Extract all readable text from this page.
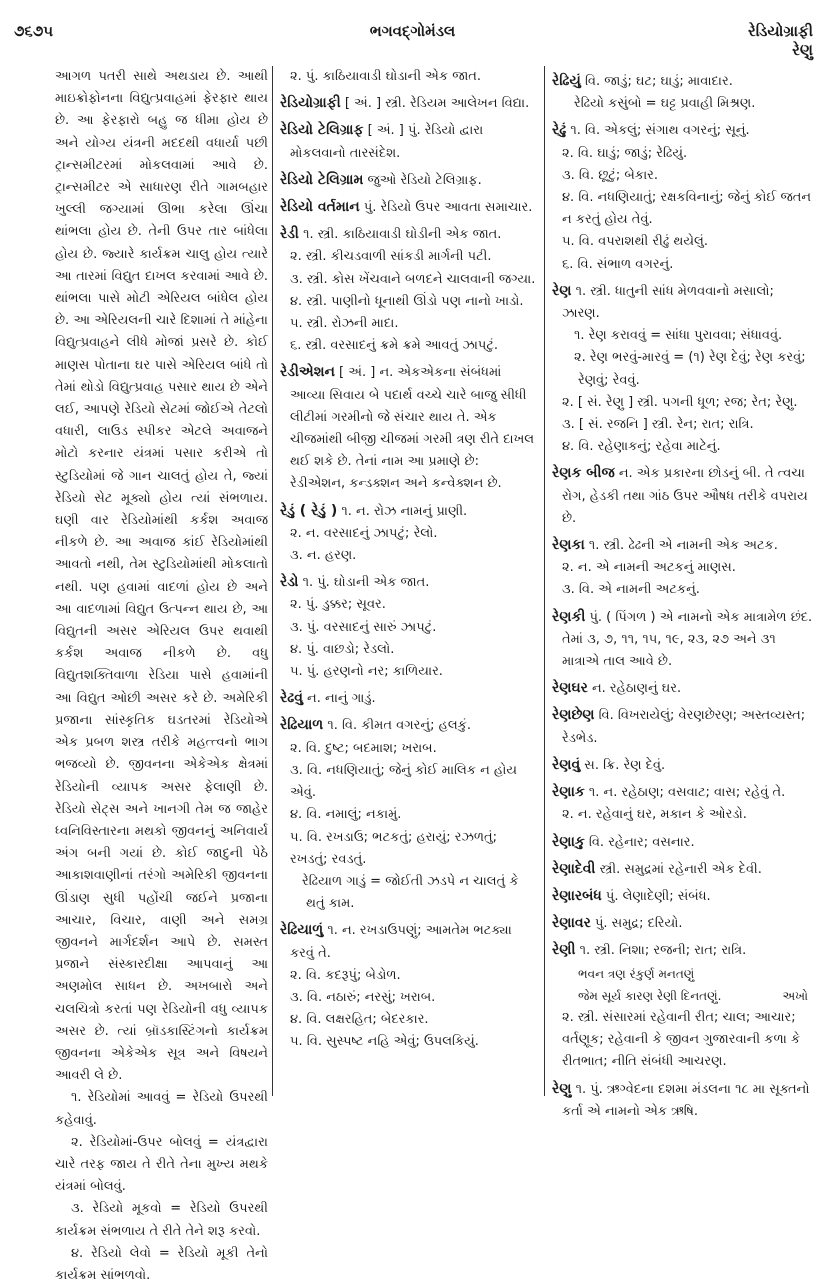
૭૬૭૫	ભગવદ્ગોમંડલ	રેડિયોગ્રાફી
રેણુ
આગળ પતરી સાથે અથડાય છે. આથી માઇક્રોફોનના વિદ્યુત્પ્રવાહમાં ફેરફાર થાય છે. આ ફેરફારો બહુ જ ધીમા હોય છે અને યોગ્ય યંત્રની મદદથી વધાર્યા પછી ટ્રાન્સમીટરમાં મોકલવામાં આવે છે. ટ્રાન્સમીટર એ સાધારણ રીતે ગામબહાર ખુલ્લી જગ્યામાં ઊભા કરેલા ઊંચા થાંભલા હોય છે. તેની ઉપર તાર બાંધેલા હોય છે. જ્યારે કાર્યક્રમ ચાલુ હોય ત્યારે આ તારમાં વિદ્યુત દાખલ કરવામાં આવે છે. થાંભલા પાસે મોટી એરિયલ બાંધેલ હોય છે. આ એરિયલની ચારે દિશામાં તે માંહેના વિદ્યુત્પ્રવાહને લીધે મોજાં પ્રસરે છે. કોઈ માણસ પોતાના ઘર પાસે એરિયલ બાંધે તો તેમાં થોડો વિદ્યુત્પ્રવાહ પસાર થાય છે એને લઈ, આપણે રેડિયો સેટમાં જોઈએ તેટલો વધારી, લાઉડ સ્પીકર એટલે અવાજને મોટો કરનાર યંત્રમાં પસાર કરીએ તો સ્ટુડિયોમાં જે ગાન ચાલતું હોય તે, જ્યાં રેડિયો સેટ મૂક્યો હોય ત્યાં સંભળાય. ઘણી વાર રેડિયોમાંથી કર્કશ અવાજ નીકળે છે. આ અવાજ કાંઈ રેડિયોમાંથી આવતો નથી, તેમ સ્ટુડિયોમાંથી મોકલાતો નથી. પણ હવામાં વાદળાં હોય છે અને આ વાદળામાં વિદ્યુત ઉત્પન્ન થાય છે, આ વિદ્યુતની અસર એરિયલ ઉપર થવાથી કર્કશ અવાજ નીકળે છે. વધુ વિદ્યુતશક્તિવાળા રેડિયા પાસે હવામાંની આ વિદ્યુત ઓછી અસર કરે છે. અમેરિકી પ્રજાના સાંસ્કૃતિક ઘડતરમાં રેડિયોએ એક પ્રબળ શસ્ત્ર તરીકે મહત્ત્વનો ભાગ ભજવ્યો છે. જીવનના એકેએક ક્ષેત્રમાં રેડિયોની વ્યાપક અસર ફેલાણી છે. રેડિયો સેટ્સ અને ખાનગી તેમ જ જાહેર ધ્વનિવિસ્તારના મથકો જીવનનું અનિવાર્ય અંગ બની ગયાં છે. કોઈ જાદુની પેઠે આકાશવાણીનાં તરંગો અમેરિકી જીવનના ઊંડાણ સુધી પહોંચી જઈને પ્રજાના આચાર, વિચાર, વાણી અને સમગ્ર જીવનને માર્ગદર્શન આપે છે. સમસ્ત પ્રજાને સંસ્કારદીક્ષા આપવાનું આ અણમોલ સાધન છે. અખબારો અને ચલચિત્રો કરતાં પણ રેડિયોની વધુ વ્યાપક અસર છે. ત્યાં બ્રૉડકાસ્ટિંગનો કાર્યક્રમ જીવનના એકેએક સૂત્ર અને વિષયને આવરી લે છે.
૧. રેડિયોમાં આવવું = રેડિયો ઉપરથી કહેવાવું.
૨. રેડિયોમાં-ઉપર બોલવું = યંત્રદ્વારા ચારે તરફ જાય તે રીતે તેના મુખ્ય મથકે યંત્રમાં બોલવું.
૩. રેડિયો મૂકવો = રેડિયો ઉપરથી કાર્યક્રમ સંભળાય તે રીતે તેને શરૂ કરવો.
૪. રેડિયો લેવો = રેડિયો મૂકી તેનો કાર્યક્રમ સાંભળવો.
૨. પું. કાઠિયાવાડી ઘોડાની એક જાત.
રેડિયોગ્રાફી [ અં. ] સ્ત્રી. રેડિયમ આલેખન વિદ્યા.
રેડિયો ટેલિગ્રાફ [ અં. ] પું. રેડિયો દ્વારા મોકલવાનો તારસંદેશ.
રેડિયો ટેલિગ્રામ જુઓ રેડિયો ટેલિગ્રાફ.
રેડિયો વર્તમાન પું. રેડિયો ઉપર આવતા સમાચાર.
રેડી ૧. સ્ત્રી. કાઠિયાવાડી ઘોડીની એક જાત.
૨. સ્ત્રી. કીચડવાળી સાંકડી માર્ગની પટી.
૩. સ્ત્રી. કોસ ખેંચવાને બળદને ચાલવાની જગ્યા.
૪. સ્ત્રી. પાણીનો ધૂનાથી ઊંડો પણ નાનો ખાડો.
૫. સ્ત્રી. રોઝની માદા.
૬. સ્ત્રી. વરસાદનું ક્રમે ક્રમે આવતું ઝાપટું.
રેડીએશન [ અં. ] ન. એકએકના સંબંધમાં આવ્યા સિવાય બે પદાર્થ વચ્ચે ચારે બાજુ સીધી લીટીમાં ગરમીનો જે સંચાર થાય તે. એક ચીજમાંથી બીજી ચીજમાં ગરમી ત્રણ રીતે દાખલ થઈ શકે છે. તેનાં નામ આ પ્રમાણે છે: રેડીએશન, કન્ડક્શન અને કન્વેક્શન છે.
રેડું ( રેડું ) ૧. ન. રોઝ નામનું પ્રાણી.
૨. ન. વરસાદનું ઝાપટું; રેલો.
૩. ન. હરણ.
રેડો ૧. પું. ઘોડાની એક જાત.
૨. પું. ડુક્કર; સૂવર.
૩. પું. વરસાદનું સારું ઝાપટું.
૪. પું. વાછડો; રેડલો.
૫. પું. હરણનો નર; કાળિયાર.
રેઢવું ન. નાનું ગાડું.
રેઢિયાળ ૧. વિ. કીમત વગરનું; હલકું.
૨. વિ. દુષ્ટ; બદમાશ; ખરાબ.
૩. વિ. નધણિયાતું; જેનું કોઈ માલિક ન હોય એવું.
૪. વિ. નમાલું; નકામું.
૫. વિ. રખડાઉ; ભટકતું; હરાયું; રઝળતું; રખડતું; રવડતું.
રેઢિયાળ ગાડું = જોઈતી ઝડપે ન ચાલતું કે થતું કામ.
રેઢિયાળું ૧. ન. રખડાઉપણું; આમતેમ ભટક્યા કરવું તે.
૨. વિ. કદરૂપું; બેડોળ.
૩. વિ. નઠારું; નરસું; ખરાબ.
૪. વિ. લક્ષરહિત; બેદરકાર.
૫. વિ. સુસ્પષ્ટ નહિ એવું; ઉપલકિયું.
રેઢિયું વિ. જાડું; ઘટ; ઘાડું; માવાદાર.
રેઢિયો કસુંબો = ઘટ્ટ પ્રવાહી મિશ્રણ.
રેઢું ૧. વિ. એકલું; સંગાથ વગરનું; સૂનું.
૨. વિ. ઘાડું; જાડું; રેઢિયું.
૩. વિ. છૂટું; બેકાર.
૪. વિ. નધણિયાતું; રક્ષકવિનાનું; જેનું કોઈ જતન ન કરતું હોય તેવું.
૫. વિ. વપરાશથી રીઢું થયેલું.
૬. વિ. સંભાળ વગરનું.
રેણ ૧. સ્ત્રી. ધાતુની સાંધ મેળવવાનો મસાલો; ઝારણ.
૧. રેણ કરાવવું = સાંધા પુરાવવા; સંધાવવું.
૨. રેણ ભરવું-મારવું = (૧) રેણ દેવું; રેણ કરવું; રેણવું; રેવવું.
૨. [ સં. રેણુ ] સ્ત્રી. પગની ધૂળ; રજ; રેત; રેણુ.
૩. [ સં. રજનિ ] સ્ત્રી. રેન; રાત; રાત્રિ.
૪. વિ. રહેણાકનું; રહેવા માટેનું.
રેણક બીજ ન. એક પ્રકારના છોડનું બી. તે ત્વચા રોગ, હેડકી તથા ગાંઠ ઉપર ઔષધ તરીકે વપરાય છે.
રેણકા ૧. સ્ત્રી. ઢેઢની એ નામની એક અટક.
૨. ન. એ નામની અટકનું માણસ.
૩. વિ. એ નામની અટકનું.
રેણકી પું. ( પિંગળ ) એ નામનો એક માત્રામેળ છંદ. તેમાં ૩, ૭, ૧૧, ૧૫, ૧૯, ૨૩, ૨૭ અને ૩૧ માત્રાએ તાલ આવે છે.
રેણઘર ન. રહેઠાણનું ઘર.
રેણછેણ વિ. વિખરાયેલું; વેરણછેરણ; અસ્તવ્યસ્ત; રેડભેડ.
રેણવું સ. ક્રિ. રેણ દેવું.
રેણાક ૧. ન. રહેઠાણ; વસવાટ; વાસ; રહેવું તે.
૨. ન. રહેવાનું ઘર, મકાન કે ઓરડો.
રેણાકુ વિ. રહેનાર; વસનાર.
રેણાદેવી સ્ત્રી. સમુદ્રમાં રહેનારી એક દેવી.
રેણારબંધ પું. લેણાદેણી; સંબંધ.
રેણાવર પું. સમુદ્ર; દરિયો.
રેણી ૧. સ્ત્રી. નિશા; રજની; રાત; રાત્રિ.
ભવન ત્રણ રંકુર્ણ મનતણું
અખો
જેમ સૂર્ય કારણ રેણી દિનતણું.
૨. સ્ત્રી. સંસારમાં રહેવાની રીત; ચાલ; આચાર; વર્તણૂક; રહેવાની કે જીવન ગુજારવાની કળા કે રીતભાત; નીતિ સંબંધી આચરણ.
રેણુ ૧. પું. ઋગ્વેદના દશમા મંડલના ૧૮ મા સૂક્તનો કર્તા એ નામનો એક ઋષિ.
